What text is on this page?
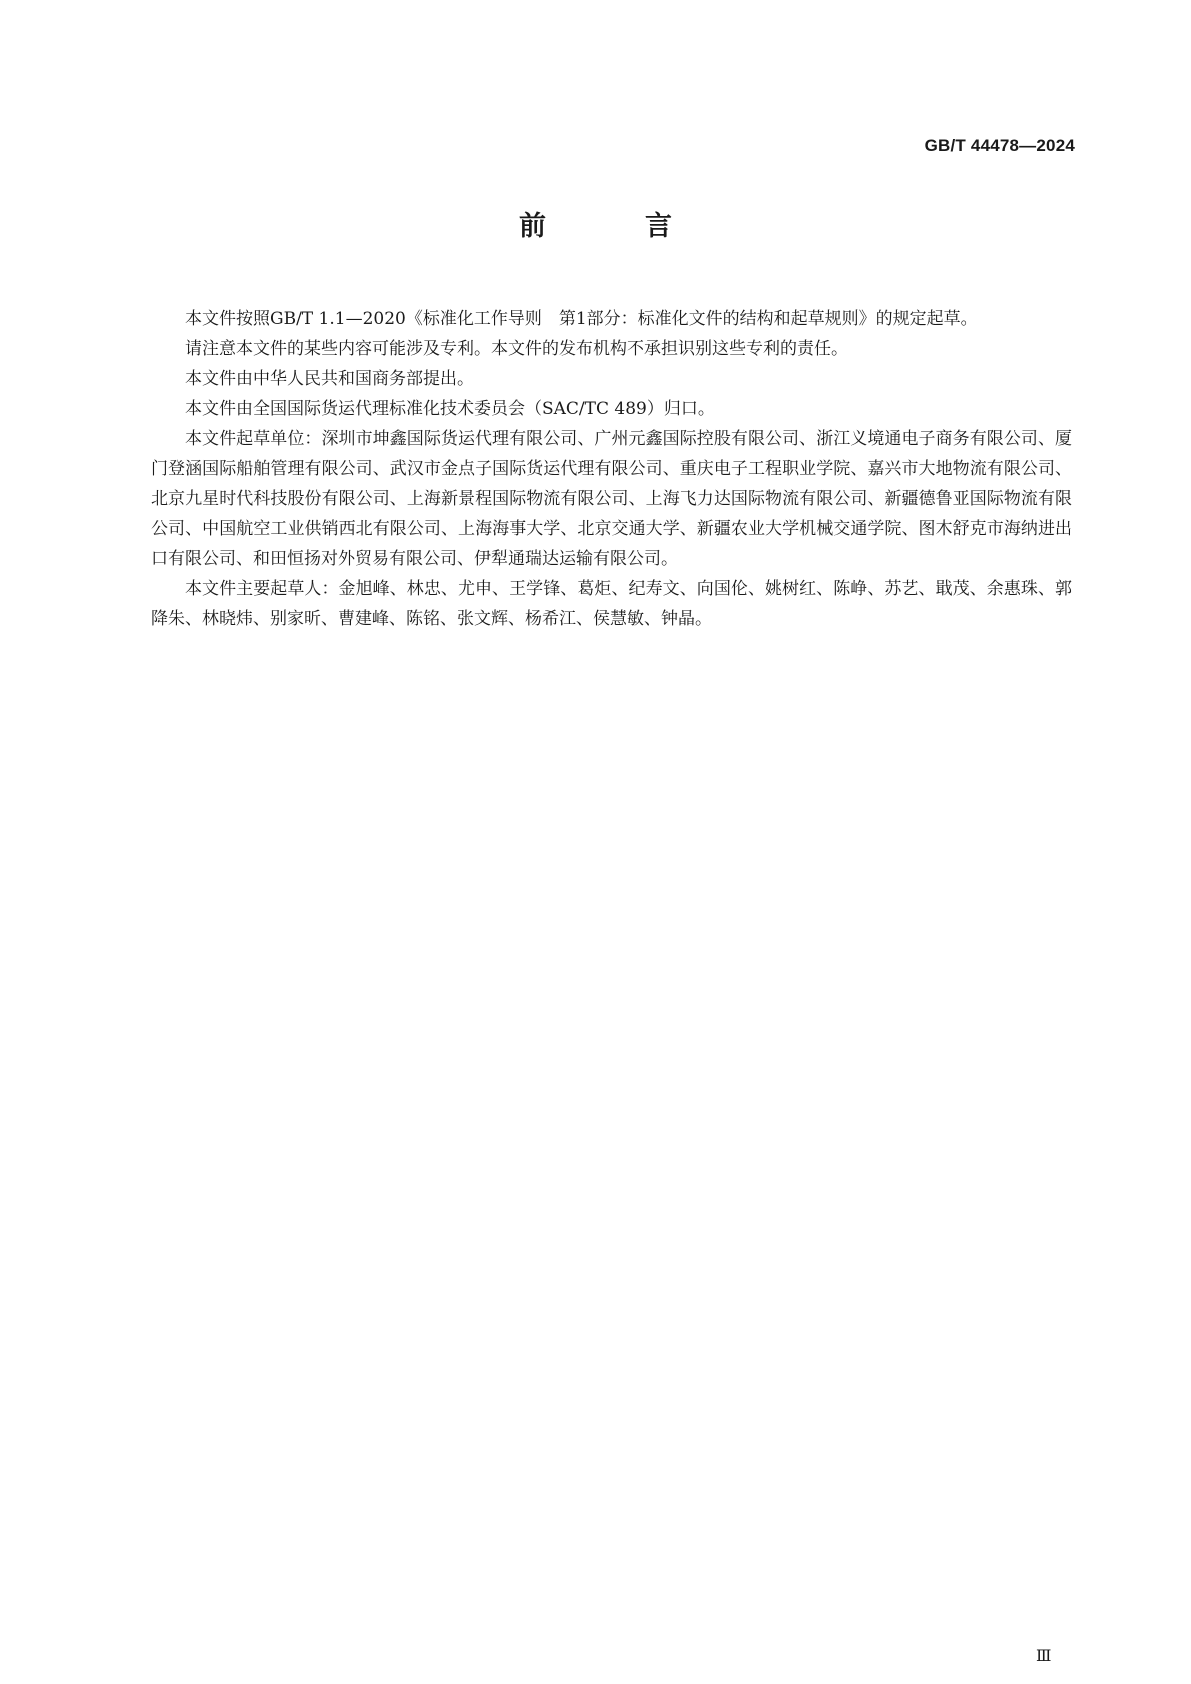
GB/T 44478—2024
前　言

本文件按照GB/T 1.1—2020《标准化工作导则　第1部分：标准化文件的结构和起草规则》的规定起草。

请注意本文件的某些内容可能涉及专利。本文件的发布机构不承担识别这些专利的责任。

本文件由中华人民共和国商务部提出。

本文件由全国国际货运代理标准化技术委员会（SAC/TC 489）归口。

本文件起草单位：深圳市坤鑫国际货运代理有限公司、广州元鑫国际控股有限公司、浙江义境通电子商务有限公司、厦门登涵国际船舶管理有限公司、武汉市金点子国际货运代理有限公司、重庆电子工程职业学院、嘉兴市大地物流有限公司、北京九星时代科技股份有限公司、上海新景程国际物流有限公司、上海飞力达国际物流有限公司、新疆德鲁亚国际物流有限公司、中国航空工业供销西北有限公司、上海海事大学、北京交通大学、新疆农业大学机械交通学院、图木舒克市海纳进出口有限公司、和田恒扬对外贸易有限公司、伊犁通瑞达运输有限公司。

本文件主要起草人：金旭峰、林忠、尤申、王学锋、葛炬、纪寿文、向国伦、姚树红、陈峥、苏艺、戢茂、余惠珠、郭降朱、林晓炜、别家昕、曹建峰、陈铭、张文辉、杨希江、侯慧敏、钟晶。

Ⅲ
